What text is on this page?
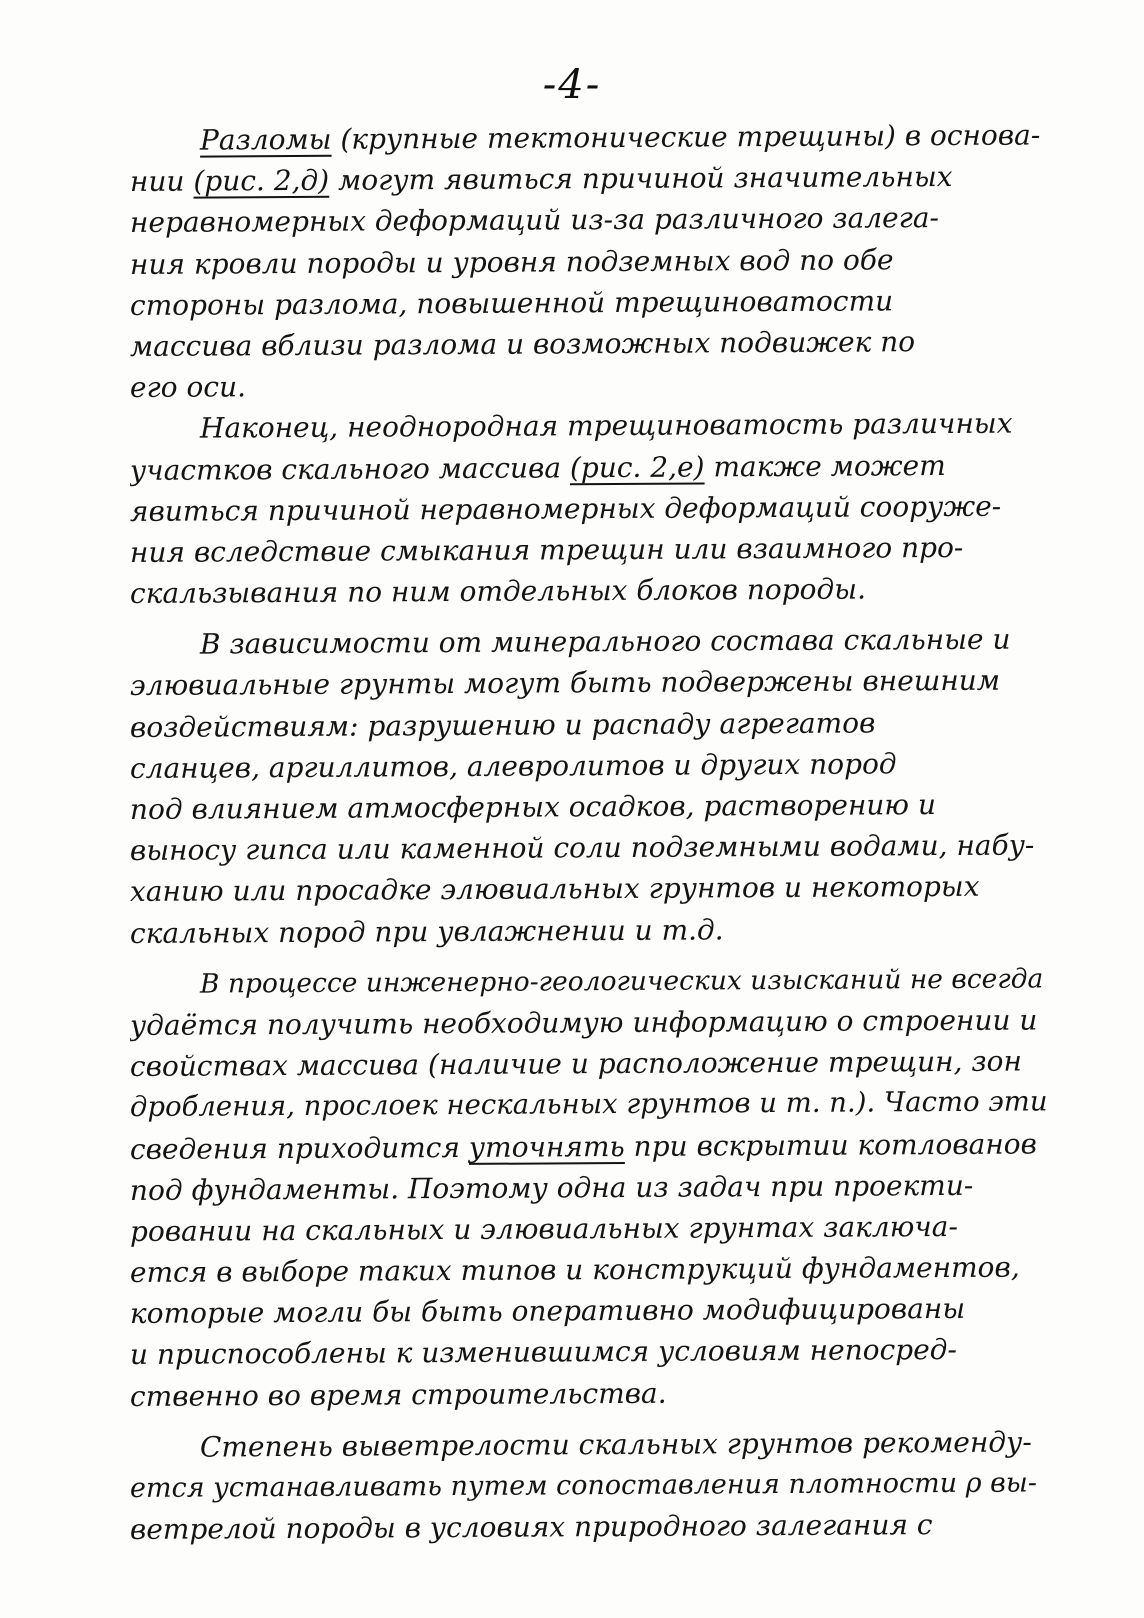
-4-
Разломы (крупные тектонические трещины) в основа-
нии (рис. 2,д) могут явиться причиной значительных
неравномерных деформаций из-за различного залега-
ния кровли породы и уровня подземных вод по обе
стороны разлома, повышенной трещиноватости
массива вблизи разлома и возможных подвижек по
его оси.
Наконец, неоднородная трещиноватость различных
участков скального массива (рис. 2,е) также может
явиться причиной неравномерных деформаций сооруже-
ния вследствие смыкания трещин или взаимного про-
скальзывания по ним отдельных блоков породы.
В зависимости от минерального состава скальные и
элювиальные грунты могут быть подвержены внешним
воздействиям: разрушению и распаду агрегатов
сланцев, аргиллитов, алевролитов и других пород
под влиянием атмосферных осадков, растворению и
выносу гипса или каменной соли подземными водами, набу-
ханию или просадке элювиальных грунтов и некоторых
скальных пород при увлажнении и т.д.
В процессе инженерно-геологических изысканий не всегда
удаётся получить необходимую информацию о строении и
свойствах массива (наличие и расположение трещин, зон
дробления, прослоек нескальных грунтов и т. п.). Часто эти
сведения приходится уточнять при вскрытии котлованов
под фундаменты. Поэтому одна из задач при проекти-
ровании на скальных и элювиальных грунтах заключа-
ется в выборе таких типов и конструкций фундаментов,
которые могли бы быть оперативно модифицированы
и приспособлены к изменившимся условиям непосред-
ственно во время строительства.
Степень выветрелости скальных грунтов рекоменду-
ется устанавливать путем сопоставления плотности ρ вы-
ветрелой породы в условиях природного залегания с
